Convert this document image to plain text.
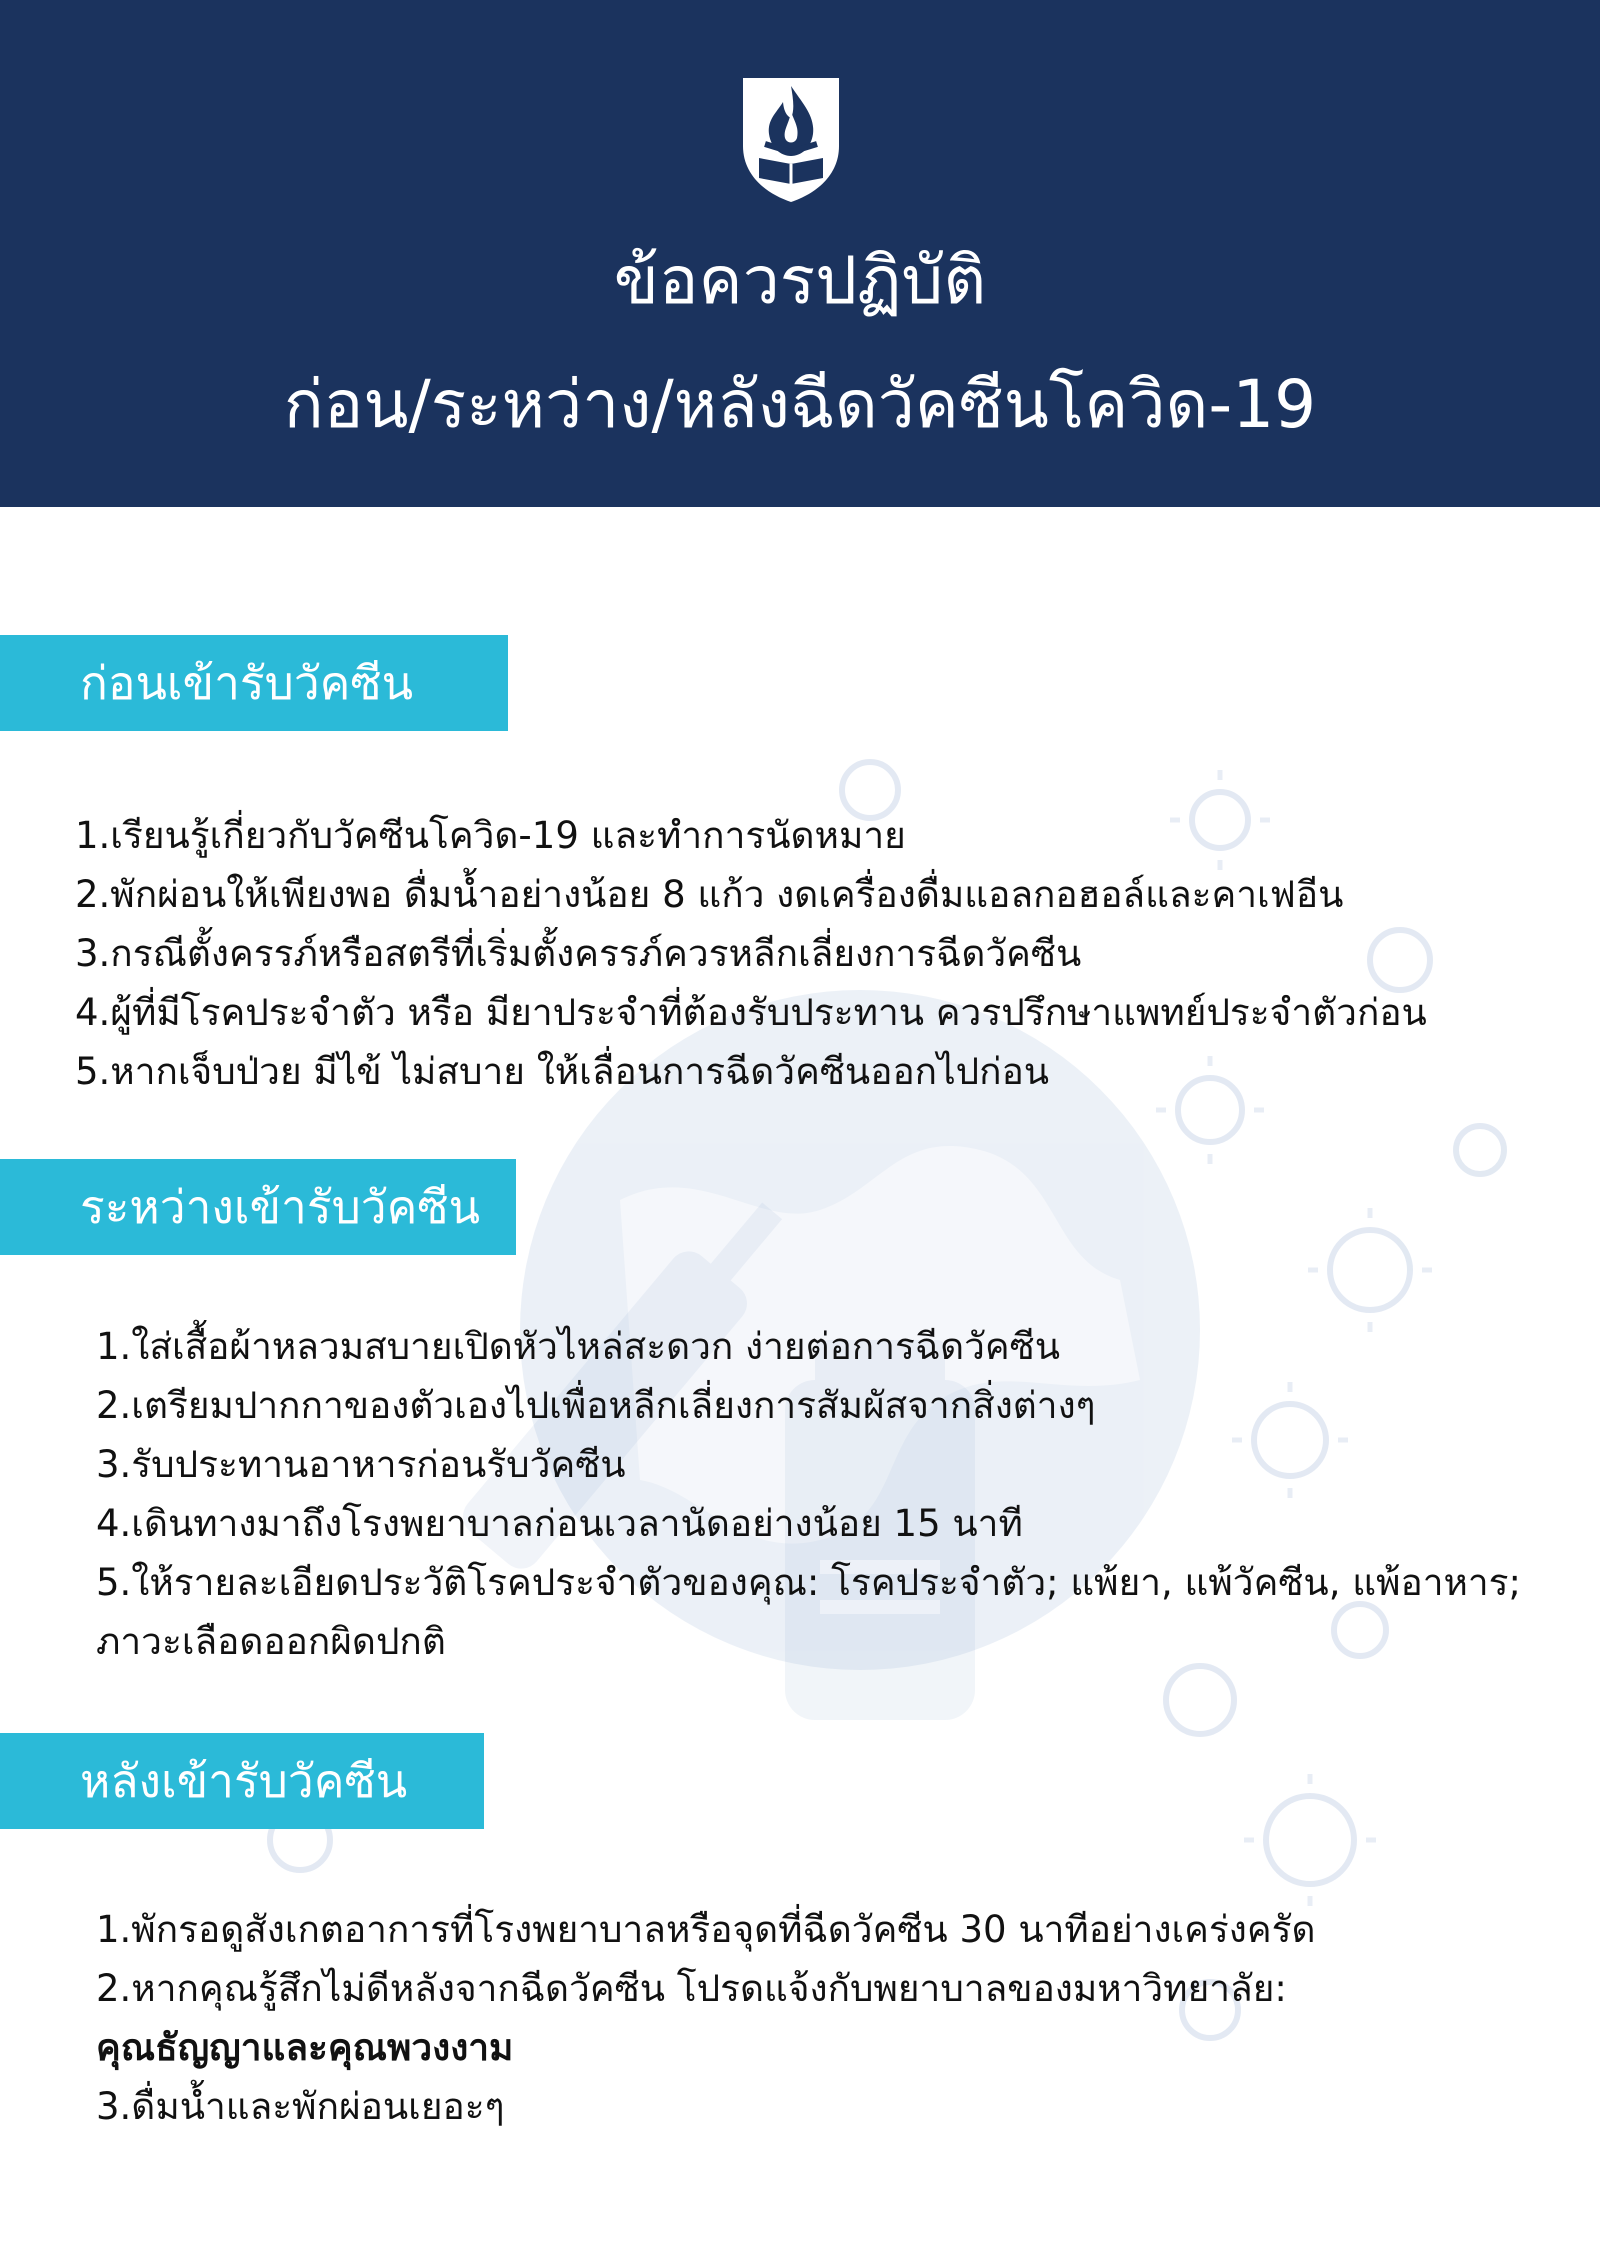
ข้อควรปฏิบัติ
ก่อน/ระหว่าง/หลังฉีดวัคซีนโควิด-19
ก่อนเข้ารับวัคซีน
1.เรียนรู้เกี่ยวกับวัคซีนโควิด-19 และทำการนัดหมาย
2.พักผ่อนให้เพียงพอ ดื่มน้ำอย่างน้อย 8 แก้ว งดเครื่องดื่มแอลกอฮอล์และคาเฟอีน
3.กรณีตั้งครรภ์หรือสตรีที่เริ่มตั้งครรภ์ควรหลีกเลี่ยงการฉีดวัคซีน
4.ผู้ที่มีโรคประจำตัว หรือ มียาประจำที่ต้องรับประทาน ควรปรึกษาแพทย์ประจำตัวก่อน
5.หากเจ็บป่วย มีไข้ ไม่สบาย ให้เลื่อนการฉีดวัคซีนออกไปก่อน
ระหว่างเข้ารับวัคซีน
1.ใส่เสื้อผ้าหลวมสบายเปิดหัวไหล่สะดวก ง่ายต่อการฉีดวัคซีน
2.เตรียมปากกาของตัวเองไปเพื่อหลีกเลี่ยงการสัมผัสจากสิ่งต่างๆ
3.รับประทานอาหารก่อนรับวัคซีน
4.เดินทางมาถึงโรงพยาบาลก่อนเวลานัดอย่างน้อย 15 นาที
5.ให้รายละเอียดประวัติโรคประจำตัวของคุณ: โรคประจำตัว; แพ้ยา, แพ้วัคซีน, แพ้อาหาร;
ภาวะเลือดออกผิดปกติ
หลังเข้ารับวัคซีน
1.พักรอดูสังเกตอาการที่โรงพยาบาลหรือจุดที่ฉีดวัคซีน 30 นาทีอย่างเคร่งครัด
2.หากคุณรู้สึกไม่ดีหลังจากฉีดวัคซีน โปรดแจ้งกับพยาบาลของมหาวิทยาลัย:
คุณธัญญาและคุณพวงงาม
3.ดื่มน้ำและพักผ่อนเยอะๆ
